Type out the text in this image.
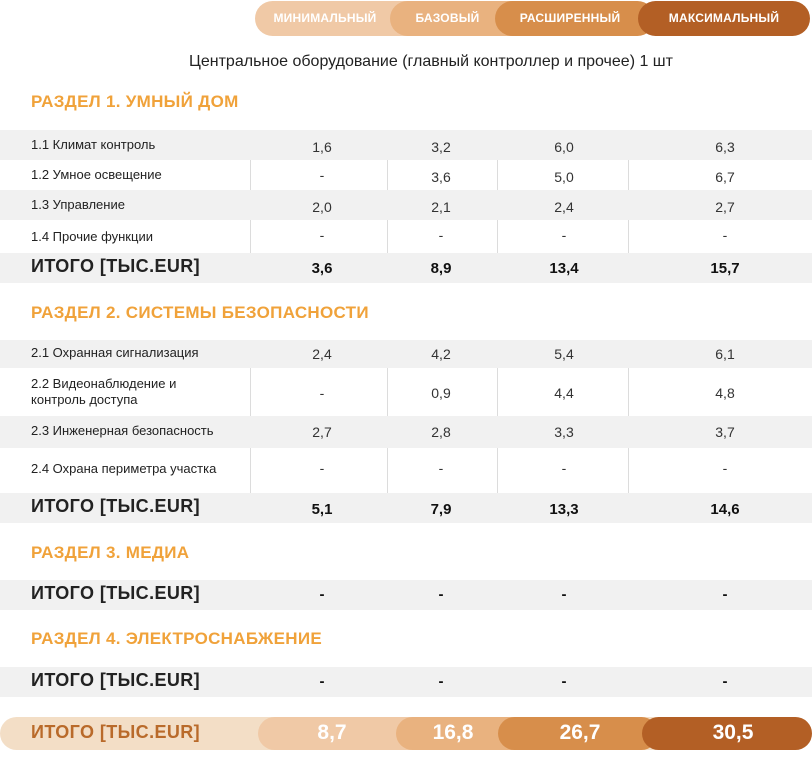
МИНИМАЛЬНЫЙ	БАЗОВЫЙ	РАСШИРЕННЫЙ	МАКСИМАЛЬНЫЙ
Центральное оборудование (главный контроллер и прочее) 1 шт
РАЗДЕЛ 1. УМНЫЙ ДОМ
1.1 Климат контроль	1,6	3,2	6,0	6,3
1.2 Умное освещение	-	3,6	5,0	6,7
1.3 Управление	2,0	2,1	2,4	2,7
1.4 Прочие функции	-	-	-	-
ИТОГО [ТЫС.EUR]	3,6	8,9	13,4	15,7
РАЗДЕЛ 2. СИСТЕМЫ БЕЗОПАСНОСТИ
2.1 Охранная сигнализация	2,4	4,2	5,4	6,1
2.2 Видеонаблюдение и
контроль доступа	-	0,9	4,4	4,8
2.3 Инженерная безопасность	2,7	2,8	3,3	3,7
2.4 Охрана периметра участка	-	-	-	-
ИТОГО [ТЫС.EUR]	5,1	7,9	13,3	14,6
РАЗДЕЛ 3. МЕДИА
ИТОГО [ТЫС.EUR]	-	-	-	-
РАЗДЕЛ 4. ЭЛЕКТРОСНАБЖЕНИЕ
ИТОГО [ТЫС.EUR]	-	-	-	-
ИТОГО [ТЫС.EUR]	8,7	16,8	26,7	30,5
